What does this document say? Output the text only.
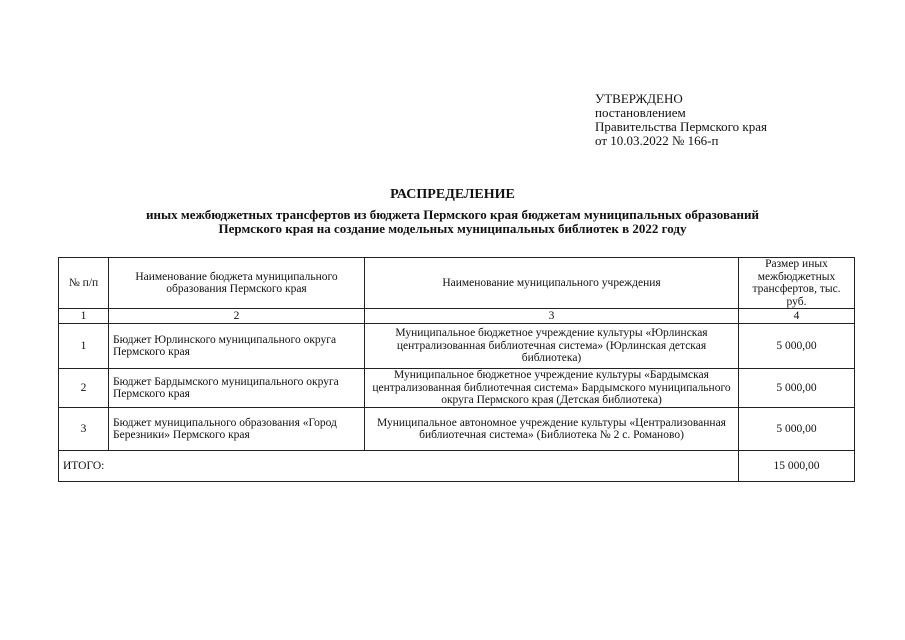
УТВЕРЖДЕНО
постановлением
Правительства Пермского края
от 10.03.2022 № 166-п
РАСПРЕДЕЛЕНИЕ
иных межбюджетных трансфертов из бюджета Пермского края бюджетам муниципальных образований
Пермского края на создание модельных муниципальных библиотек в 2022 году
№ п/п	Наименование бюджета муниципального образования Пермского края	Наименование муниципального учреждения	Размер иных межбюджетных трансфертов, тыс. руб.
1	2	3	4
1	Бюджет Юрлинского муниципального округа Пермского края	Муниципальное бюджетное учреждение культуры «Юрлинская централизованная библиотечная система» (Юрлинская детская библиотека)	5 000,00
2	Бюджет Бардымского муниципального округа Пермского края	Муниципальное бюджетное учреждение культуры «Бардымская централизованная библиотечная система» Бардымского муниципального округа Пермского края (Детская библиотека)	5 000,00
3	Бюджет муниципального образования «Город Березники» Пермского края	Муниципальное автономное учреждение культуры «Централизованная библиотечная система» (Библиотека № 2 с. Романово)	5 000,00
ИТОГО:			15 000,00
